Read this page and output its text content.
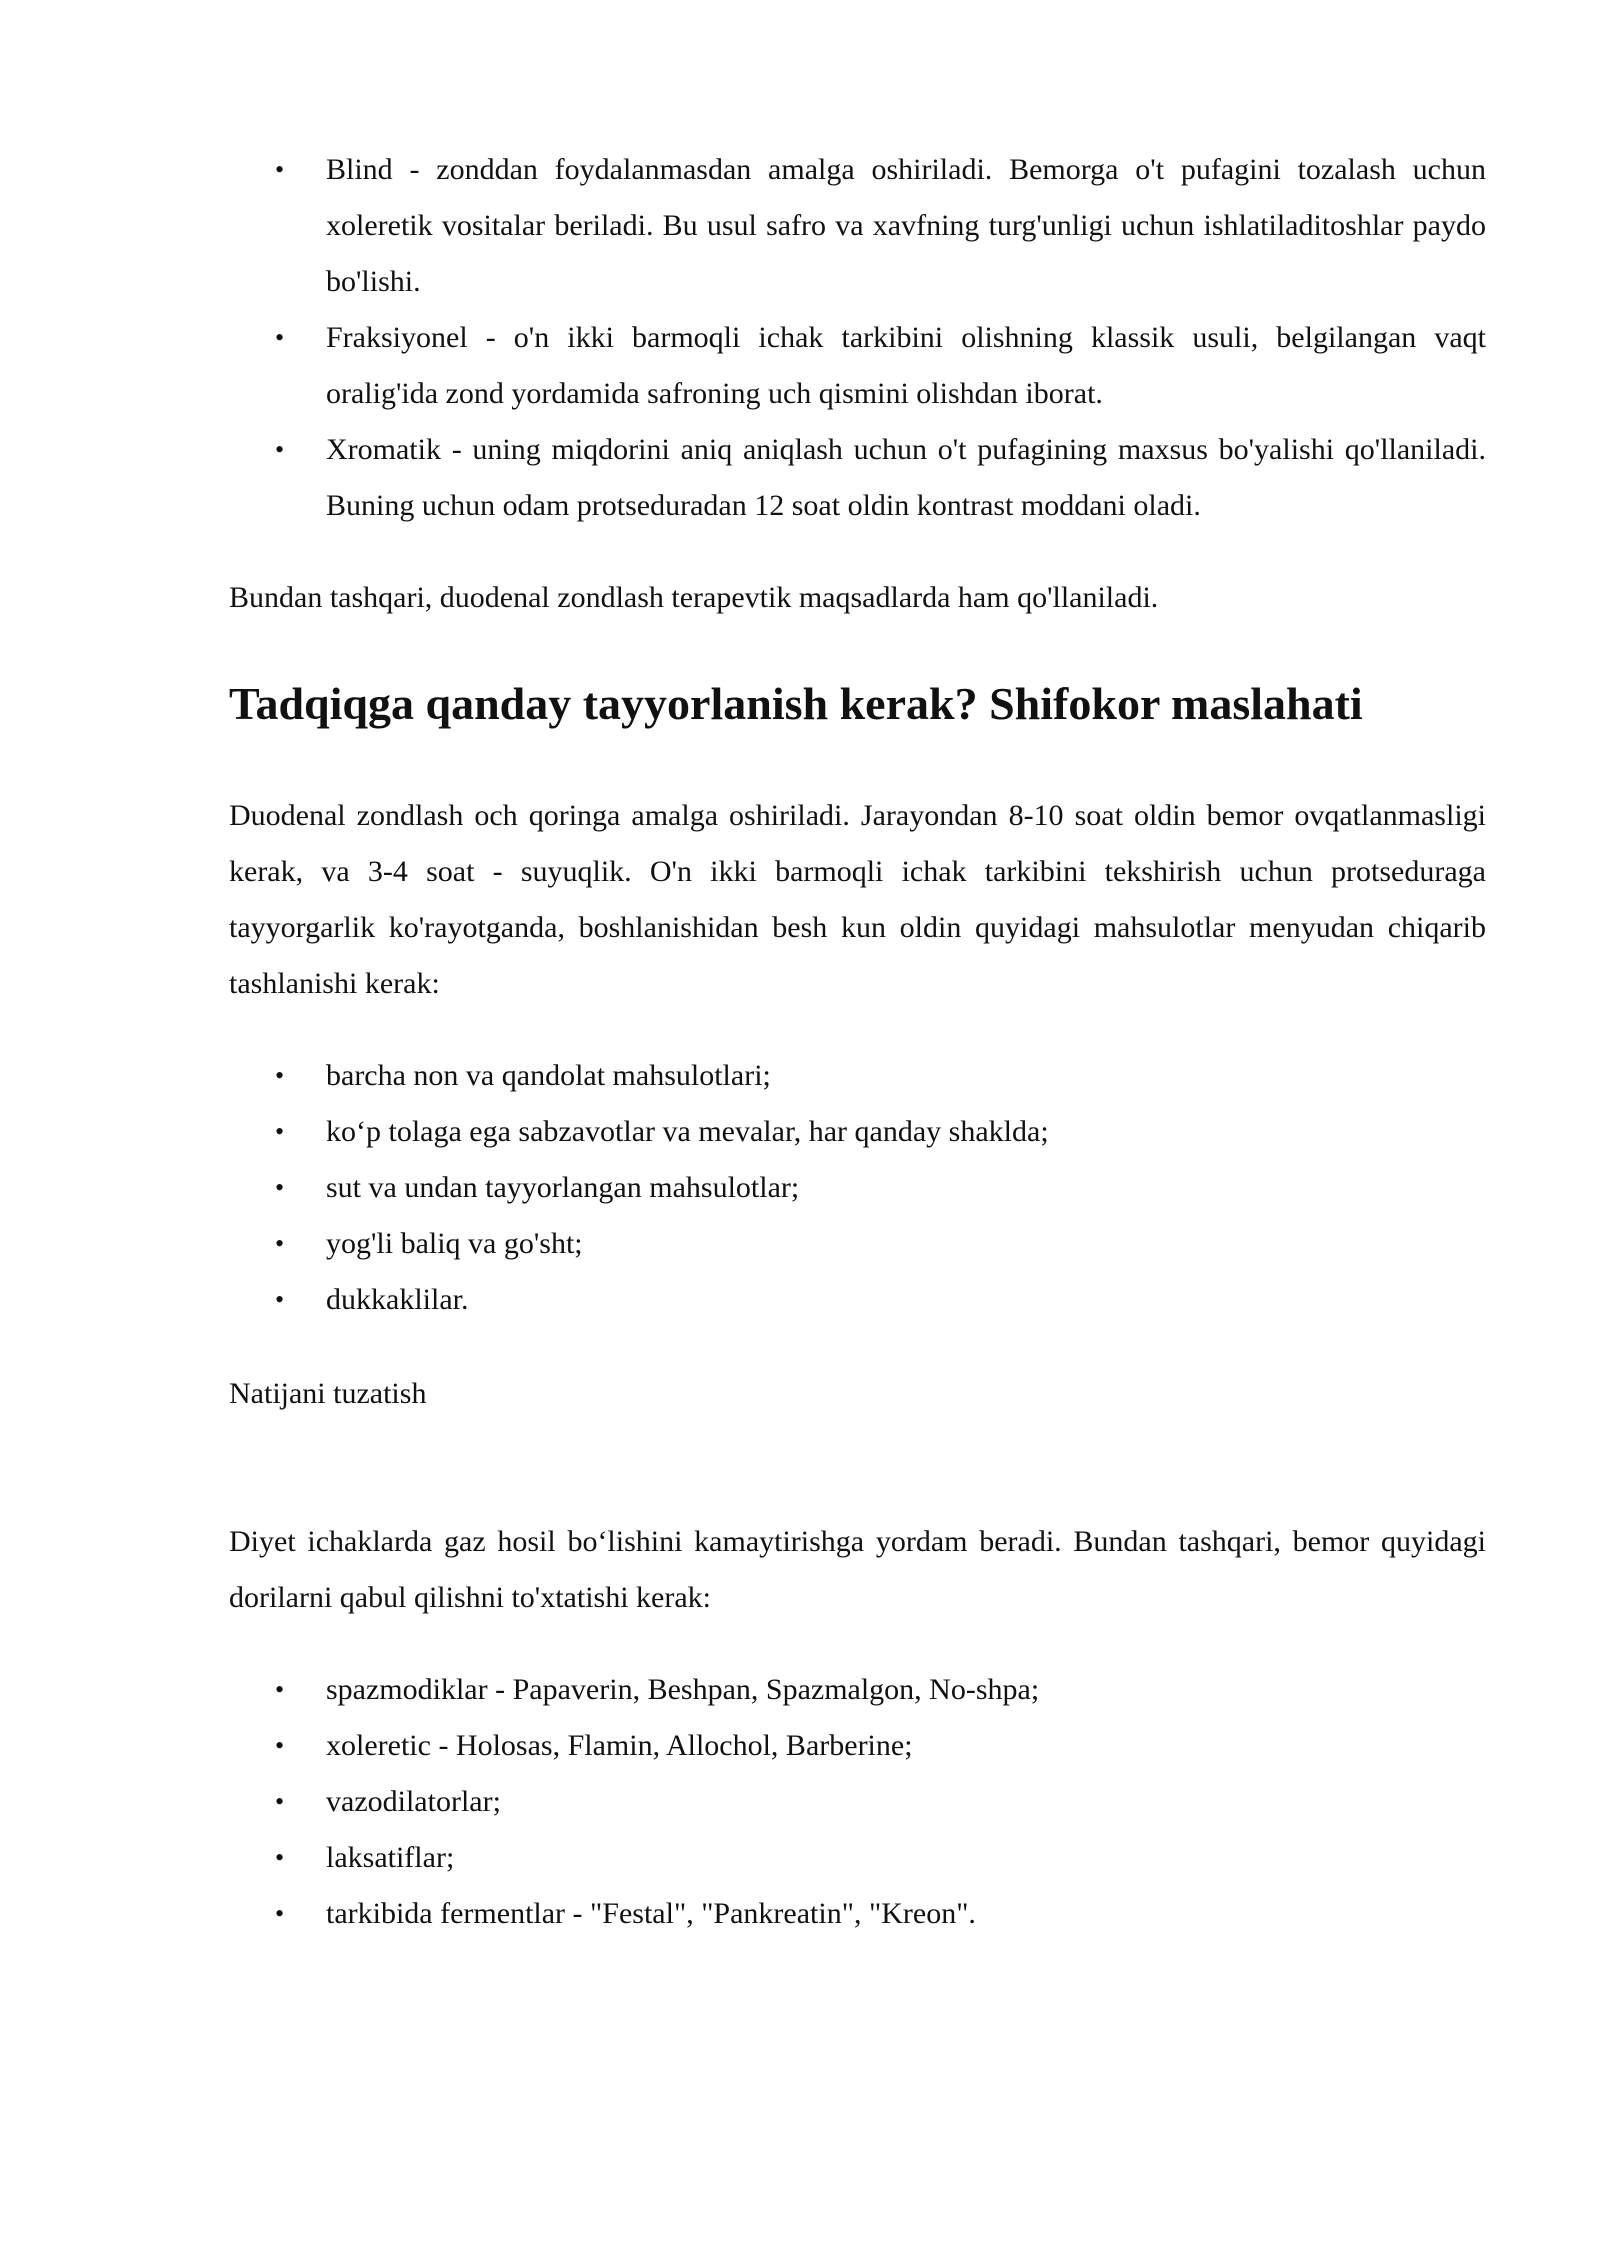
• Blind - zonddan foydalanmasdan amalga oshiriladi. Bemorga o't pufagini tozalash uchun xoleretik vositalar beriladi. Bu usul safro va xavfning turg'unligi uchun ishlatiladitoshlar paydo bo'lishi.
• Fraksiyonel - o'n ikki barmoqli ichak tarkibini olishning klassik usuli, belgilangan vaqt oralig'ida zond yordamida safroning uch qismini olishdan iborat.
• Xromatik - uning miqdorini aniq aniqlash uchun o't pufagining maxsus bo'yalishi qo'llaniladi. Buning uchun odam protseduradan 12 soat oldin kontrast moddani oladi.

Bundan tashqari, duodenal zondlash terapevtik maqsadlarda ham qo'llaniladi.

Tadqiqga qanday tayyorlanish kerak? Shifokor maslahati

Duodenal zondlash och qoringa amalga oshiriladi. Jarayondan 8-10 soat oldin bemor ovqatlanmasligi kerak, va 3-4 soat - suyuqlik. O'n ikki barmoqli ichak tarkibini tekshirish uchun protseduraga tayyorgarlik ko'rayotganda, boshlanishidan besh kun oldin quyidagi mahsulotlar menyudan chiqarib tashlanishi kerak:

• barcha non va qandolat mahsulotlari;
• ko‘p tolaga ega sabzavotlar va mevalar, har qanday shaklda;
• sut va undan tayyorlangan mahsulotlar;
• yog'li baliq va go'sht;
• dukkaklilar.

Natijani tuzatish

Diyet ichaklarda gaz hosil bo‘lishini kamaytirishga yordam beradi. Bundan tashqari, bemor quyidagi dorilarni qabul qilishni to'xtatishi kerak:

• spazmodiklar - Papaverin, Beshpan, Spazmalgon, No-shpa;
• xoleretic - Holosas, Flamin, Allochol, Barberine;
• vazodilatorlar;
• laksatiflar;
• tarkibida fermentlar - "Festal", "Pankreatin", "Kreon".
